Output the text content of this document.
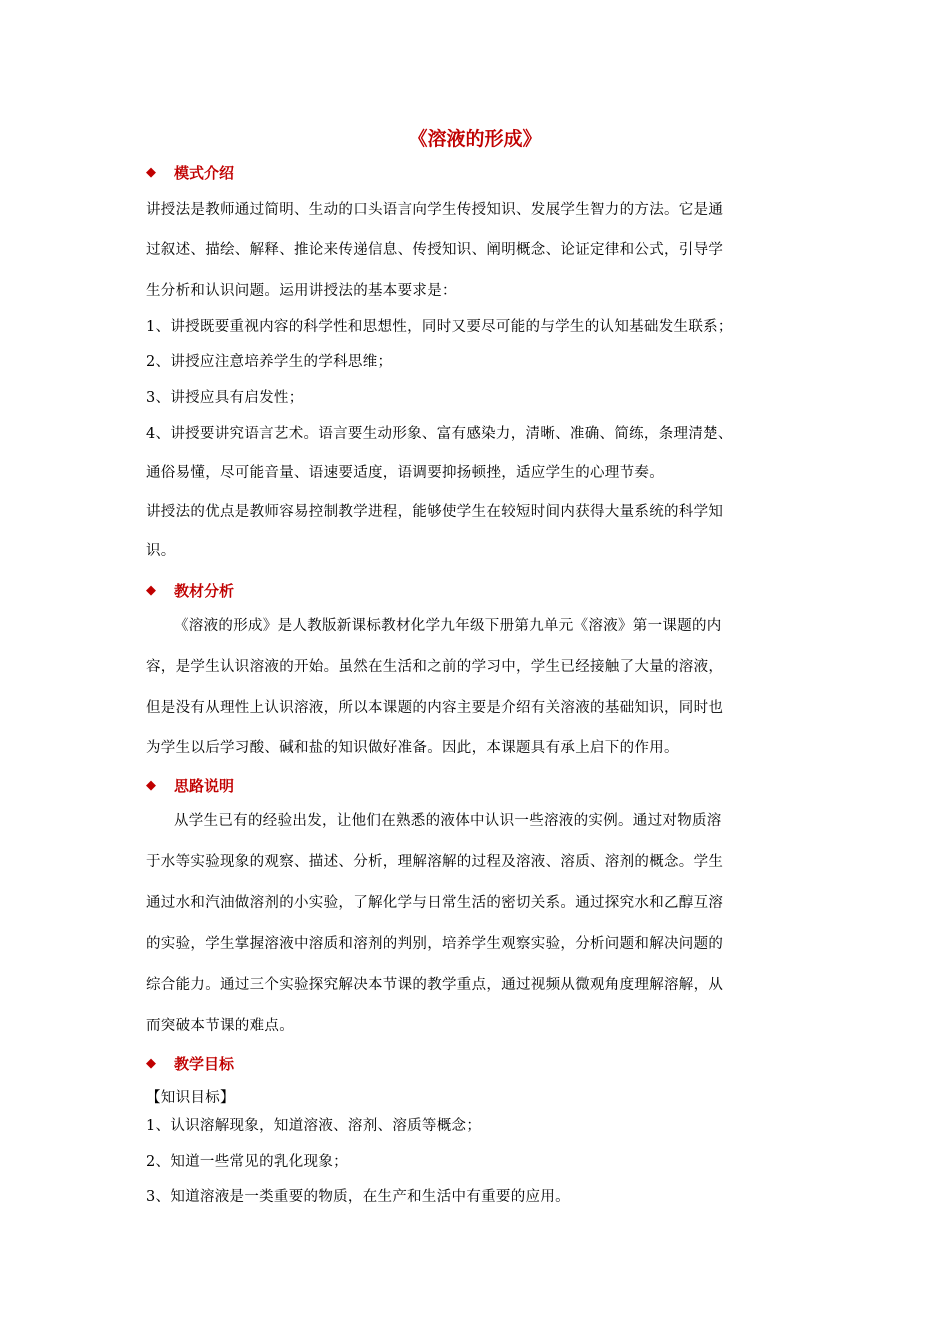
《溶液的形成》
◆	模式介绍
讲授法是教师通过简明、生动的口头语言向学生传授知识、发展学生智力的方法。它是通
过叙述、描绘、解释、推论来传递信息、传授知识、阐明概念、论证定律和公式，引导学
生分析和认识问题。运用讲授法的基本要求是：
1、讲授既要重视内容的科学性和思想性，同时又要尽可能的与学生的认知基础发生联系；
2、讲授应注意培养学生的学科思维；
3、讲授应具有启发性；
4、讲授要讲究语言艺术。语言要生动形象、富有感染力，清晰、准确、简练，条理清楚、
通俗易懂，尽可能音量、语速要适度，语调要抑扬顿挫，适应学生的心理节奏。
讲授法的优点是教师容易控制教学进程，能够使学生在较短时间内获得大量系统的科学知
识。
◆	教材分析
《溶液的形成》是人教版新课标教材化学九年级下册第九单元《溶液》第一课题的内
容，是学生认识溶液的开始。虽然在生活和之前的学习中，学生已经接触了大量的溶液，
但是没有从理性上认识溶液，所以本课题的内容主要是介绍有关溶液的基础知识，同时也
为学生以后学习酸、碱和盐的知识做好准备。因此，本课题具有承上启下的作用。
◆	思路说明
从学生已有的经验出发，让他们在熟悉的液体中认识一些溶液的实例。通过对物质溶
于水等实验现象的观察、描述、分析，理解溶解的过程及溶液、溶质、溶剂的概念。学生
通过水和汽油做溶剂的小实验，了解化学与日常生活的密切关系。通过探究水和乙醇互溶
的实验，学生掌握溶液中溶质和溶剂的判别，培养学生观察实验，分析问题和解决问题的
综合能力。通过三个实验探究解决本节课的教学重点，通过视频从微观角度理解溶解，从
而突破本节课的难点。
◆	教学目标
【知识目标】
1、认识溶解现象，知道溶液、溶剂、溶质等概念；
2、知道一些常见的乳化现象；
3、知道溶液是一类重要的物质，在生产和生活中有重要的应用。
